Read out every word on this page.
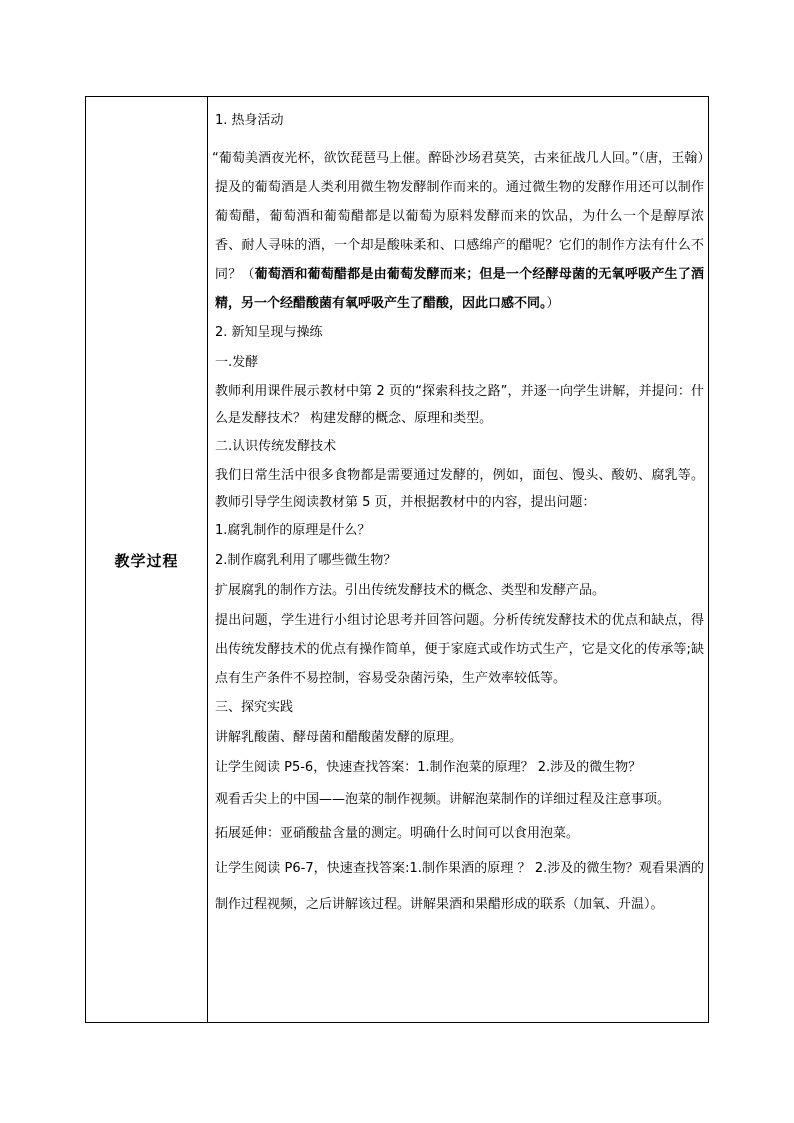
教学过程

1. 热身活动

“葡萄美酒夜光杯，欲饮琵琶马上催。醉卧沙场君莫笑，古来征战几人回。”（唐，王翰）提及的葡萄酒是人类利用微生物发酵制作而来的。通过微生物的发酵作用还可以制作葡萄醋，葡萄酒和葡萄醋都是以葡萄为原料发酵而来的饮品，为什么一个是醇厚浓香、耐人寻味的酒，一个却是酸味柔和、口感绵产的醋呢？它们的制作方法有什么不同？（葡萄酒和葡萄醋都是由葡萄发酵而来；但是一个经酵母菌的无氧呼吸产生了酒精，另一个经醋酸菌有氧呼吸产生了醋酸，因此口感不同。）

2. 新知呈现与操练

一.发酵

教师利用课件展示教材中第 2 页的“探索科技之路”，并逐一向学生讲解，并提问：什么是发酵技术？ 构建发酵的概念、原理和类型。

二.认识传统发酵技术

我们日常生活中很多食物都是需要通过发酵的，例如，面包、馒头、酸奶、腐乳等。教师引导学生阅读教材第 5 页，并根据教材中的内容，提出问题：

1.腐乳制作的原理是什么？

2.制作腐乳利用了哪些微生物？

扩展腐乳的制作方法。引出传统发酵技术的概念、类型和发酵产品。

提出问题，学生进行小组讨论思考并回答问题。分析传统发酵技术的优点和缺点，得出传统发酵技术的优点有操作简单，便于家庭式或作坊式生产，它是文化的传承等;缺点有生产条件不易控制，容易受杂菌污染，生产效率较低等。

三、探究实践

讲解乳酸菌、酵母菌和醋酸菌发酵的原理。

让学生阅读 P5-6，快速查找答案：1.制作泡菜的原理？ 2.涉及的微生物？

观看舌尖上的中国——泡菜的制作视频。讲解泡菜制作的详细过程及注意事项。

拓展延伸：亚硝酸盐含量的测定。明确什么时间可以食用泡菜。

让学生阅读 P6-7，快速查找答案:1.制作果酒的原理 ？ 2.涉及的微生物？观看果酒的制作过程视频，之后讲解该过程。讲解果酒和果醋形成的联系（加氧、升温）。
